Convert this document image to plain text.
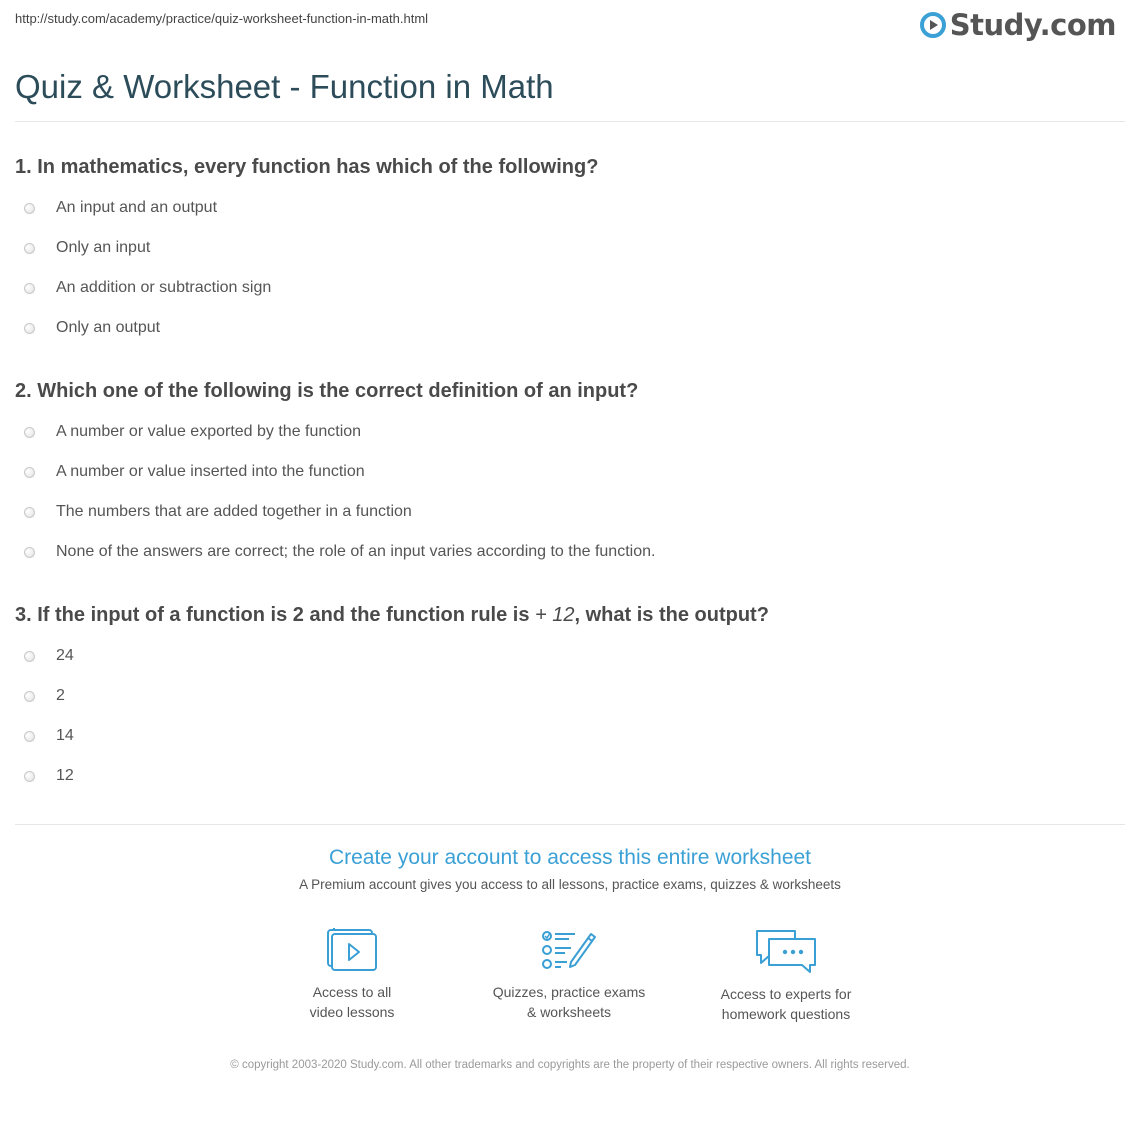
http://study.com/academy/practice/quiz-worksheet-function-in-math.html	Study.com
Quiz & Worksheet - Function in Math
1. In mathematics, every function has which of the following?
An input and an output
Only an input
An addition or subtraction sign
Only an output
2. Which one of the following is the correct definition of an input?
A number or value exported by the function
A number or value inserted into the function
The numbers that are added together in a function
None of the answers are correct; the role of an input varies according to the function.
3. If the input of a function is 2 and the function rule is + 12, what is the output?
24
2
14
12
Create your account to access this entire worksheet
A Premium account gives you access to all lessons, practice exams, quizzes & worksheets
Access to all
video lessons
Quizzes, practice exams
& worksheets
Access to experts for
homework questions
© copyright 2003-2020 Study.com. All other trademarks and copyrights are the property of their respective owners. All rights reserved.
